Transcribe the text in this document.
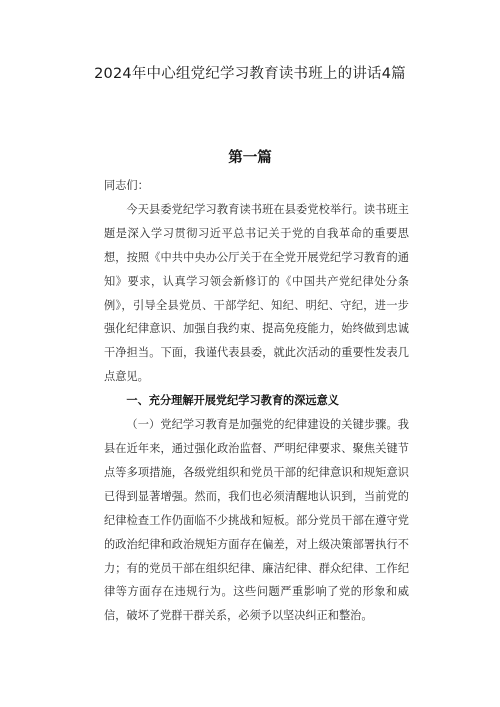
2024年中心组党纪学习教育读书班上的讲话4篇
第一篇

同志们：

今天县委党纪学习教育读书班在县委党校举行。读书班主题是深入学习贯彻习近平总书记关于党的自我革命的重要思想，按照《中共中央办公厅关于在全党开展党纪学习教育的通知》要求，认真学习领会新修订的《中国共产党纪律处分条例》，引导全县党员、干部学纪、知纪、明纪、守纪，进一步强化纪律意识、加强自我约束、提高免疫能力，始终做到忠诚干净担当。下面，我谨代表县委，就此次活动的重要性发表几点意见。

一、充分理解开展党纪学习教育的深远意义

（一）党纪学习教育是加强党的纪律建设的关键步骤。我县在近年来，通过强化政治监督、严明纪律要求、聚焦关键节点等多项措施，各级党组织和党员干部的纪律意识和规矩意识已得到显著增强。然而，我们也必须清醒地认识到，当前党的纪律检查工作仍面临不少挑战和短板。部分党员干部在遵守党的政治纪律和政治规矩方面存在偏差，对上级决策部署执行不力；有的党员干部在组织纪律、廉洁纪律、群众纪律、工作纪律等方面存在违规行为。这些问题严重影响了党的形象和威信，破坏了党群干群关系，必须予以坚决纠正和整治。
